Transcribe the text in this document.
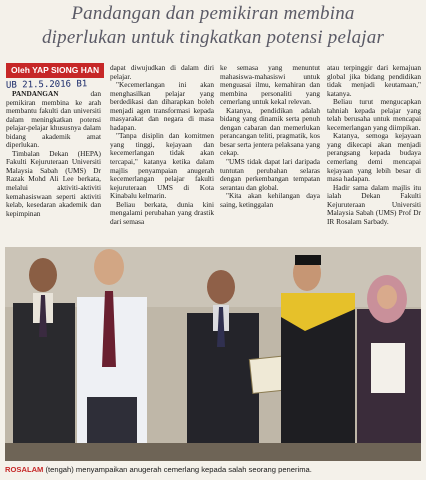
Pandangan dan pemikiran membina
diperlukan untuk tingkatkan potensi pelajar
Oleh YAP SIONG HAN
UB 21.5.2016 B1

PANDANGAN	dan pemikiran membina ke arah membantu fakulti dan universiti dalam meningkatkan potensi pelajar-pelajar khususnya dalam bidang akademik amat diperlukan.

Timbalan Dekan (HEPA) Fakulti Kejuruteraan Universiti Malaysia Sabah (UMS) Dr Razak Mohd Ali Lee berkata, melalui aktiviti-aktiviti kemahasiswaan seperti aktiviti kelab, kesedaran akademik dan kepimpinan

dapat diwujudkan di dalam diri pelajar.

"Kecemerlangan ini akan menghasilkan pelajar yang berdedikasi dan diharapkan boleh menjadi agen transformasi kepada masyarakat dan negara di masa hadapan.

"Tanpa disiplin dan komitmen yang tinggi, kejayaan dan kecemerlangan tidak akan tercapai," katanya ketika dalam majlis penyampaian anugerah kecemerlangan pelajar fakulti kejuruteraan UMS di Kota Kinabalu kelmarin.

Beliau berkata, dunia kini mengalami perubahan yang drastik dari semasa

ke semasa yang menuntut mahasiswa-mahasiswi untuk menguasai ilmu, kemahiran dan membina personaliti yang cemerlang untuk kekal relevan.

Katanya, pendidikan adalah bidang yang dinamik serta penuh dengan cabaran dan memerlukan perancangan teliti, pragmatik, kos besar serta jentera pelaksana yang cekap.

"UMS tidak dapat lari daripada tuntutan perubahan selaras dengan perkembangan tempatan serantau dan global.

"Kita akan kehilangan daya saing, ketinggalan

atau terpinggir dari kemajuan global jika bidang pendidikan tidak menjadi keutamaan," katanya.

Beliau turut mengucapkan tahniah kepada pelajar yang telah berusaha untuk mencapai kecemerlangan yang diimpikan.

Katanya, semoga kejayaan yang dikecapi akan menjadi perangsang kepada budaya cemerlang demi mencapai kejayaan yang lebih besar di masa hadapan.

Hadir sama dalam majlis itu ialah Dekan Fakulti Kejuruteraan Universiti Malaysia Sabah (UMS) Prof Dr IR Rosalam Sarbady.

ROSALAM (tengah) menyampaikan anugerah cemerlang kepada salah seorang penerima.
